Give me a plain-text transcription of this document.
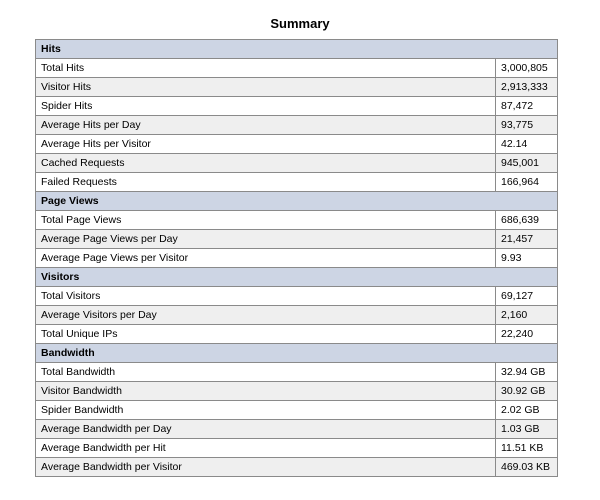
Summary
Hits	
Total Hits	3,000,805
Visitor Hits	2,913,333
Spider Hits	87,472
Average Hits per Day	93,775
Average Hits per Visitor	42.14
Cached Requests	945,001
Failed Requests	166,964
Page Views	
Total Page Views	686,639
Average Page Views per Day	21,457
Average Page Views per Visitor	9.93
Visitors	
Total Visitors	69,127
Average Visitors per Day	2,160
Total Unique IPs	22,240
Bandwidth	
Total Bandwidth	32.94 GB
Visitor Bandwidth	30.92 GB
Spider Bandwidth	2.02 GB
Average Bandwidth per Day	1.03 GB
Average Bandwidth per Hit	11.51 KB
Average Bandwidth per Visitor	469.03 KB
